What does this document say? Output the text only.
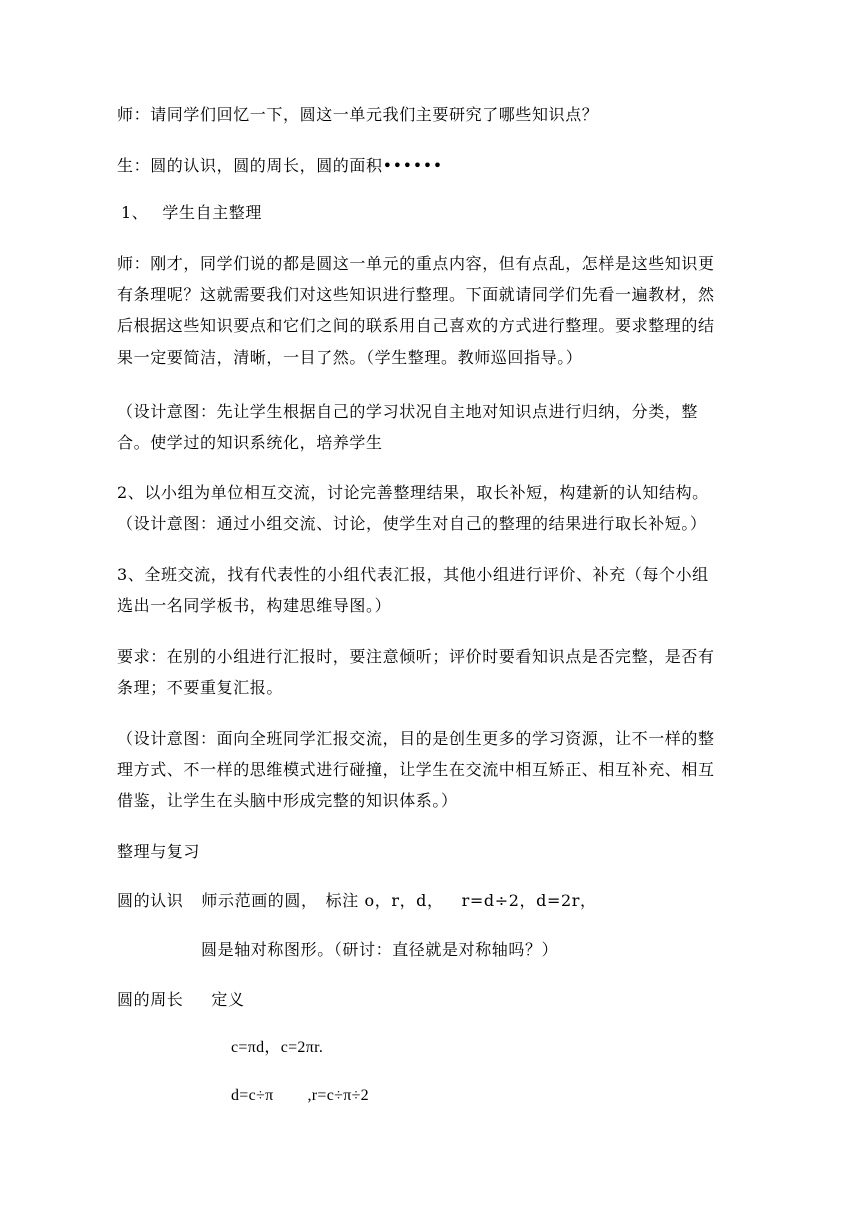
师：请同学们回忆一下，圆这一单元我们主要研究了哪些知识点？
生：圆的认识，圆的周长，圆的面积••••••
1、 学生自主整理
师：刚才，同学们说的都是圆这一单元的重点内容，但有点乱，怎样是这些知识更
有条理呢？这就需要我们对这些知识进行整理。下面就请同学们先看一遍教材，然
后根据这些知识要点和它们之间的联系用自己喜欢的方式进行整理。要求整理的结
果一定要简洁，清晰，一目了然。（学生整理。教师巡回指导。）
（设计意图：先让学生根据自己的学习状况自主地对知识点进行归纳，分类，整
合。使学过的知识系统化，培养学生
2、以小组为单位相互交流，讨论完善整理结果，取长补短，构建新的认知结构。
（设计意图：通过小组交流、讨论，使学生对自己的整理的结果进行取长补短。）
3、全班交流，找有代表性的小组代表汇报，其他小组进行评价、补充（每个小组
选出一名同学板书，构建思维导图。）
要求：在别的小组进行汇报时，要注意倾听；评价时要看知识点是否完整，是否有
条理；不要重复汇报。
（设计意图：面向全班同学汇报交流，目的是创生更多的学习资源，让不一样的整
理方式、不一样的思维模式进行碰撞，让学生在交流中相互矫正、相互补充、相互
借鉴，让学生在头脑中形成完整的知识体系。）
整理与复习
圆的认识 师示范画的圆， 标注 o，r，d， r=d÷2，d=2r，
圆是轴对称图形。（研讨：直径就是对称轴吗？）
圆的周长 定义
c=πd，c=2πr.
d=c÷π ,r=c÷π÷2
